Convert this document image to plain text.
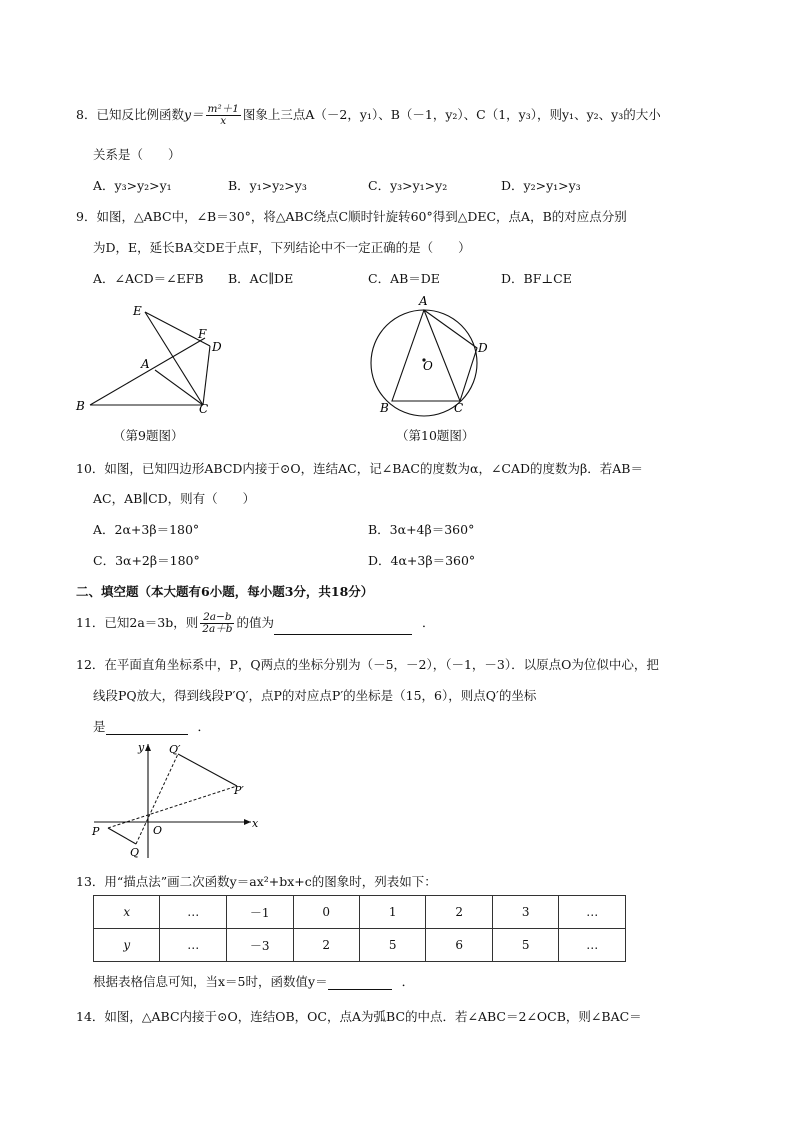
8．已知反比例函数$y= \frac{\text{m²＋1}}{x}$ 图象上三点A（－2，y₁）、B（－1，y₂）、C（1，y₃），则y₁、y₂、y₃的大小
关系是（　　）
A．y₃>y₂>y₁	B．y₁>y₂>y₃	C．y₃>y₁>y₂	D．y₂>y₁>y₃
9．如图，△ABC中，∠B＝30°，将△ABC绕点C顺时针旋转60°得到△DEC，点A，B的对应点分别
为D，E，延长BA交DE于点F，下列结论中不一定正确的是（　　）
A．∠ACD＝∠EFB B．AC∥DE	C．AB＝DE	D．BF⊥CE
E
F
D
A
B	C
（第9题图）
A
D
O
B	C
（第10题图）
10．如图，已知四边形ABCD内接于⊙O，连结AC，记∠BAC的度数为α，∠CAD的度数为β．若AB＝
AC，AB∥CD，则有（　　）
A．2α+3β＝180°	B．3α+4β＝360°
C．3α+2β＝180°	D．4α+3β＝360°
二、填空题（本大题有6小题，每小题3分，共18分）
11．已知2a＝3b，则 $\frac{2a-b}{2a+b}$ 的值为	．
12．在平面直角坐标系中，P，Q两点的坐标分别为（－5，－2），（－1，－3）．以原点O为位似中心，把
线段PQ放大，得到线段P′Q′，点P的对应点P′的坐标是（15，6），则点Q′的坐标
是	．
y Q′
P′
P	O
x
Q
13．用“描点法”画二次函数y＝ax²+bx+c的图象时，列表如下：
x	…	－1	0	1	2	3	…
y	…	－3	2	5	6	5	…
根据表格信息可知，当x＝5时，函数值y＝	．
14．如图，△ABC内接于⊙O，连结OB，OC，点A为弧BC的中点．若∠ABC＝2∠OCB，则∠BAC＝
